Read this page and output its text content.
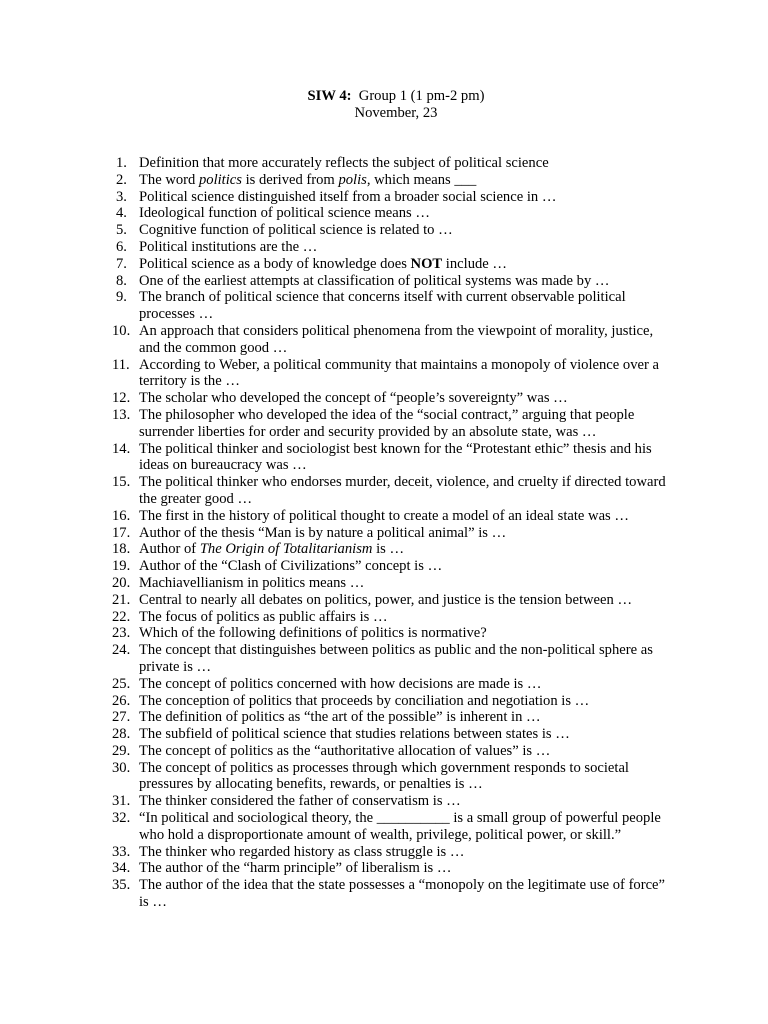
SIW 4: Group 1 (1 pm-2 pm)
November, 23
1. Definition that more accurately reflects the subject of political science
2. The word politics is derived from polis, which means ___
3. Political science distinguished itself from a broader social science in …
4. Ideological function of political science means …
5. Cognitive function of political science is related to …
6. Political institutions are the …
7. Political science as a body of knowledge does NOT include …
8. One of the earliest attempts at classification of political systems was made by …
9. The branch of political science that concerns itself with current observable political processes …
10. An approach that considers political phenomena from the viewpoint of morality, justice, and the common good …
11. According to Weber, a political community that maintains a monopoly of violence over a territory is the …
12. The scholar who developed the concept of “people’s sovereignty” was …
13. The philosopher who developed the idea of the “social contract,” arguing that people surrender liberties for order and security provided by an absolute state, was …
14. The political thinker and sociologist best known for the “Protestant ethic” thesis and his ideas on bureaucracy was …
15. The political thinker who endorses murder, deceit, violence, and cruelty if directed toward the greater good …
16. The first in the history of political thought to create a model of an ideal state was …
17. Author of the thesis “Man is by nature a political animal” is …
18. Author of The Origin of Totalitarianism is …
19. Author of the “Clash of Civilizations” concept is …
20. Machiavellianism in politics means …
21. Central to nearly all debates on politics, power, and justice is the tension between …
22. The focus of politics as public affairs is …
23. Which of the following definitions of politics is normative?
24. The concept that distinguishes between politics as public and the non-political sphere as private is …
25. The concept of politics concerned with how decisions are made is …
26. The conception of politics that proceeds by conciliation and negotiation is …
27. The definition of politics as “the art of the possible” is inherent in …
28. The subfield of political science that studies relations between states is …
29. The concept of politics as the “authoritative allocation of values” is …
30. The concept of politics as processes through which government responds to societal pressures by allocating benefits, rewards, or penalties is …
31. The thinker considered the father of conservatism is …
32. “In political and sociological theory, the __________ is a small group of powerful people who hold a disproportionate amount of wealth, privilege, political power, or skill.”
33. The thinker who regarded history as class struggle is …
34. The author of the “harm principle” of liberalism is …
35. The author of the idea that the state possesses a “monopoly on the legitimate use of force” is …
